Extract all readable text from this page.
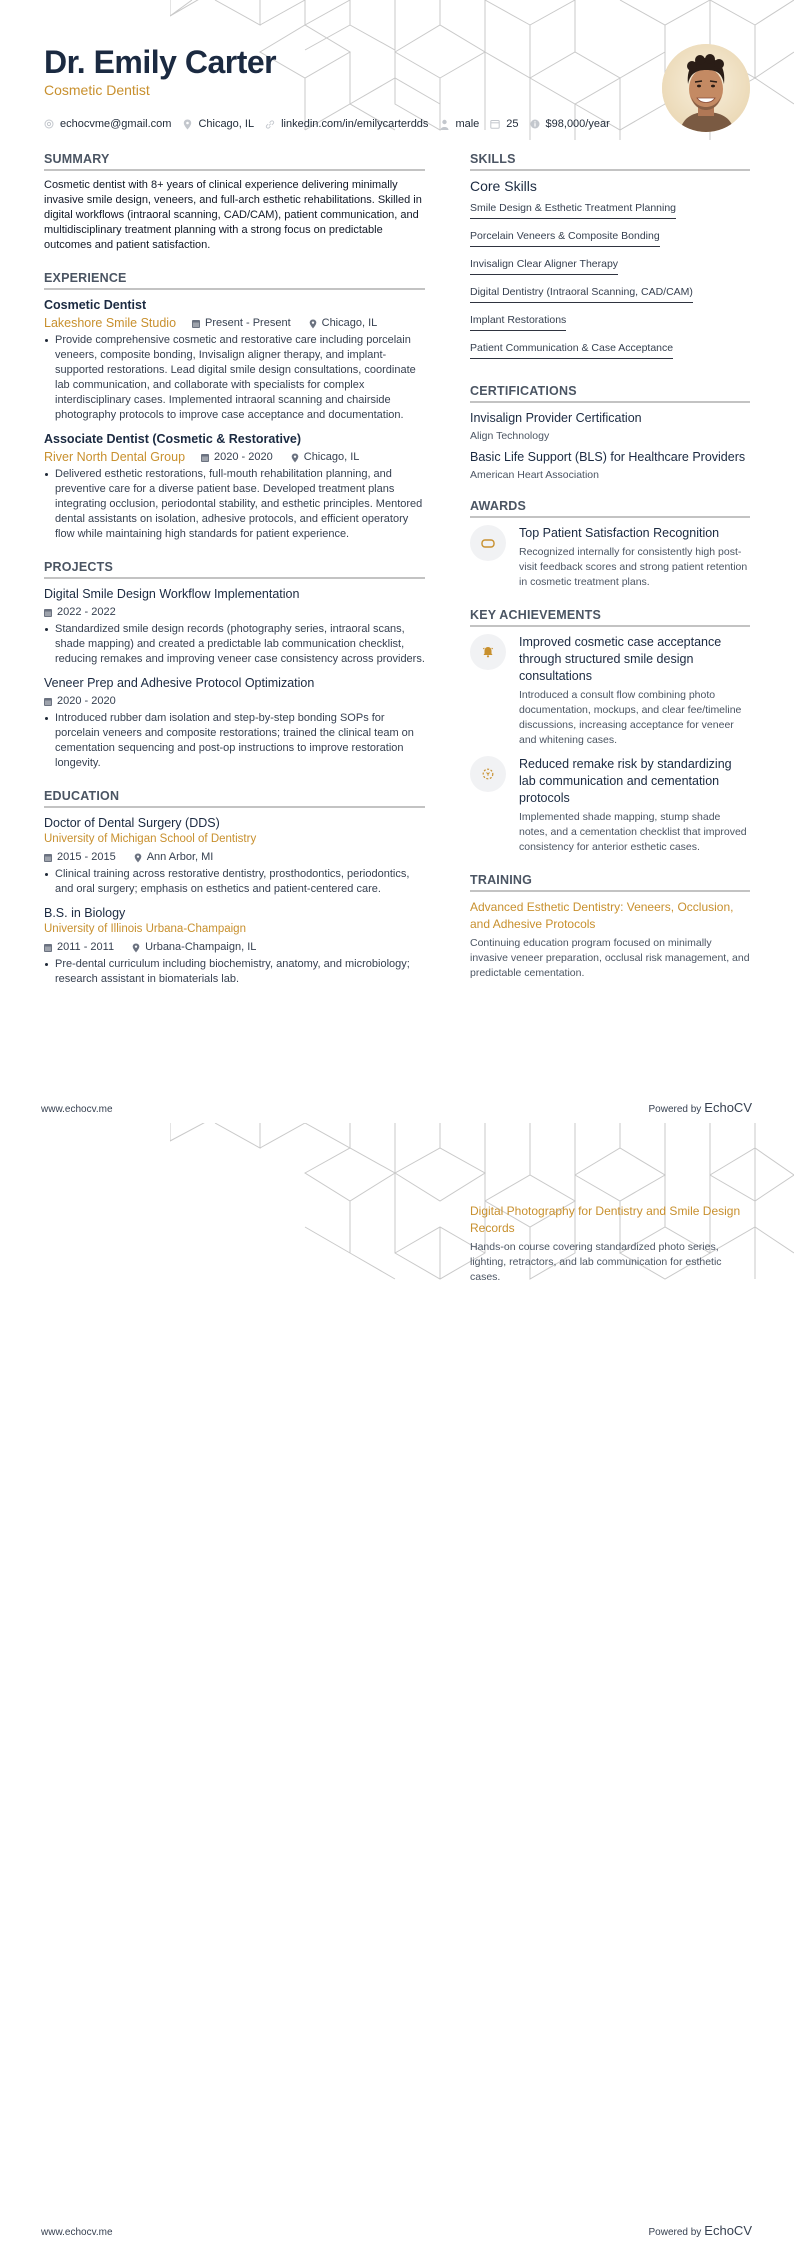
Dr. Emily Carter
Cosmetic Dentist
echocvme@gmail.com Chicago, IL linkedin.com/in/emilycarterdds male 25 $98,000/year
SUMMARY

Cosmetic dentist with 8+ years of clinical experience delivering minimally invasive smile design, veneers, and full-arch esthetic rehabilitations. Skilled in digital workflows (intraoral scanning, CAD/CAM), patient communication, and multidisciplinary treatment planning with a strong focus on predictable outcomes and patient satisfaction.

EXPERIENCE
Cosmetic Dentist
Lakeshore Smile Studio	Present - Present	Chicago, IL
Provide comprehensive cosmetic and restorative care including porcelain veneers, composite bonding, Invisalign aligner therapy, and implant-supported restorations. Lead digital smile design consultations, coordinate lab communication, and collaborate with specialists for complex interdisciplinary cases. Implemented intraoral scanning and chairside photography protocols to improve case acceptance and documentation.
Associate Dentist (Cosmetic & Restorative)
River North Dental Group	2020 - 2020	Chicago, IL
Delivered esthetic restorations, full-mouth rehabilitation planning, and preventive care for a diverse patient base. Developed treatment plans integrating occlusion, periodontal stability, and esthetic principles. Mentored dental assistants on isolation, adhesive protocols, and efficient operatory flow while maintaining high standards for patient experience.
PROJECTS
Digital Smile Design Workflow Implementation
2022 - 2022
Standardized smile design records (photography series, intraoral scans, shade mapping) and created a predictable lab communication checklist, reducing remakes and improving veneer case consistency across providers.
Veneer Prep and Adhesive Protocol Optimization
2020 - 2020
Introduced rubber dam isolation and step-by-step bonding SOPs for porcelain veneers and composite restorations; trained the clinical team on cementation sequencing and post-op instructions to improve restoration longevity.
EDUCATION
Doctor of Dental Surgery (DDS)
University of Michigan School of Dentistry
2015 - 2015	Ann Arbor, MI
Clinical training across restorative dentistry, prosthodontics, periodontics, and oral surgery; emphasis on esthetics and patient-centered care.
B.S. in Biology
University of Illinois Urbana-Champaign
2011 - 2011	Urbana-Champaign, IL
Pre-dental curriculum including biochemistry, anatomy, and microbiology; research assistant in biomaterials lab.
SKILLS
Core Skills
Smile Design & Esthetic Treatment Planning
Porcelain Veneers & Composite Bonding
Invisalign Clear Aligner Therapy
Digital Dentistry (Intraoral Scanning, CAD/CAM)
Implant Restorations
Patient Communication & Case Acceptance
CERTIFICATIONS
Invisalign Provider Certification
Align Technology
Basic Life Support (BLS) for Healthcare Providers
American Heart Association
AWARDS
Top Patient Satisfaction Recognition
Recognized internally for consistently high post-visit feedback scores and strong patient retention in cosmetic treatment plans.
KEY ACHIEVEMENTS
Improved cosmetic case acceptance through structured smile design consultations
Introduced a consult flow combining photo documentation, mockups, and clear fee/timeline discussions, increasing acceptance for veneer and whitening cases.
Reduced remake risk by standardizing lab communication and cementation protocols
Implemented shade mapping, stump shade notes, and a cementation checklist that improved consistency for anterior esthetic cases.
TRAINING
Advanced Esthetic Dentistry: Veneers, Occlusion, and Adhesive Protocols
Continuing education program focused on minimally invasive veneer preparation, occlusal risk management, and predictable cementation.
www.echocv.me	Powered by EchoCV
Digital Photography for Dentistry and Smile Design Records
Hands-on course covering standardized photo series, lighting, retractors, and lab communication for esthetic cases.
www.echocv.me	Powered by EchoCV
